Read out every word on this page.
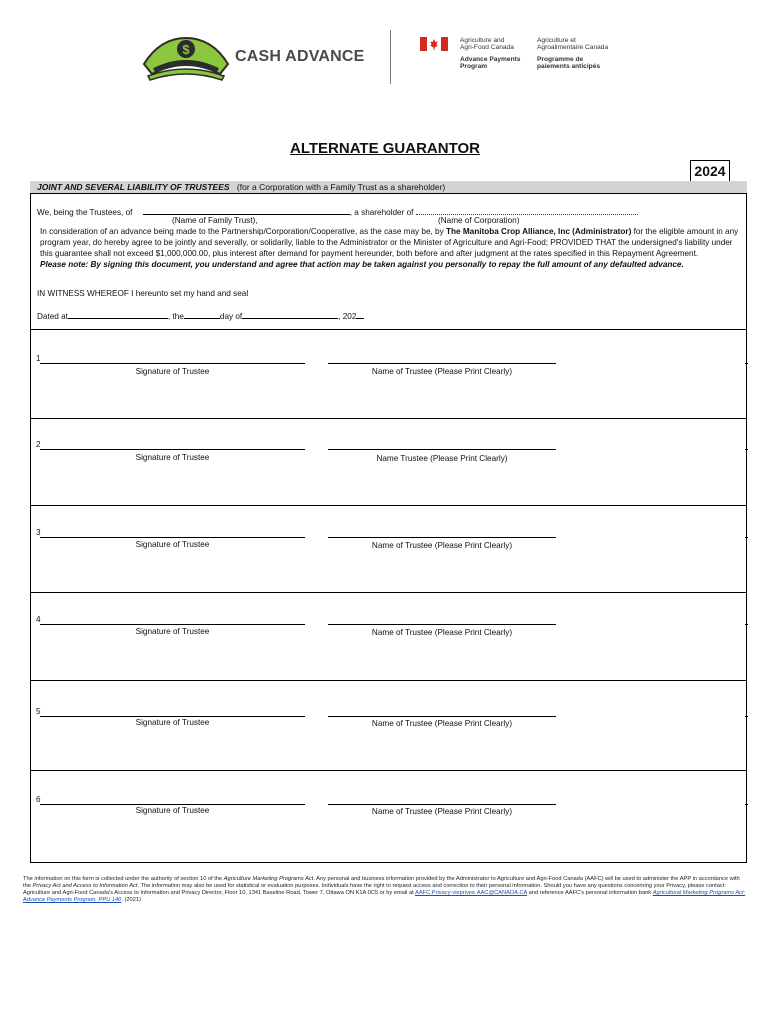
$	CASH ADVANCE
Agriculture and
Agri-Food Canada
Advance Payments
Program
Agriculture et
Agroalimentaire Canada
Programme de
paiements anticipés
ALTERNATE GUARANTOR
2024
JOINT AND SEVERAL LIABILITY OF TRUSTEES (for a Corporation with a Family Trust as a shareholder)
We, being the Trustees, of	, a shareholder of
(Name of Family Trust),	(Name of Corporation)
In consideration of an advance being made to the Partnership/Corporation/Cooperative, as the case may be, by The Manitoba Crop Alliance, Inc (Administrator) for the eligible amount in any program year, do hereby agree to be jointly and severally, or solidarily, liable to the Administrator or the Minister of Agriculture and Agri-Food; PROVIDED THAT the undersigned's liability under this guarantee shall not exceed $1,000,000.00, plus interest after demand for payment hereunder, both before and after judgment at the rates specified in this Repayment Agreement.
Please note: By signing this document, you understand and agree that action may be taken against you personally to repay the full amount of any defaulted advance.
IN WITNESS WHEREOF I hereunto set my hand and seal
Dated at	, the	day of	, 202
1
Signature of Trustee	Name of Trustee (Please Print Clearly)
2
Signature of Trustee	Name Trustee (Please Print Clearly)
3
Signature of Trustee	Name of Trustee (Please Print Clearly)
4
Signature of Trustee	Name of Trustee (Please Print Clearly)
5
Signature of Trustee	Name of Trustee (Please Print Clearly)
6
Signature of Trustee	Name of Trustee (Please Print Clearly)
The information on this form is collected under the authority of section 10 of the Agriculture Marketing Programs Act. Any personal and business information provided by the Administrator to Agriculture and Agri-Food Canada (AAFC) will be used to administer the APP in accordance with the Privacy Act and Access to Information Act. The information may also be used for statistical or evaluation purposes. Individuals have the right to request access and correction to their personal information. Should you have any questions concerning your Privacy, please contact: Agriculture and Agri-Food Canada's Access to Information and Privacy Director, Floor 10, 1341 Baseline Road, Tower 7, Ottawa ON K1A 0C5 or by email at AAFC.Privacy-vieprivee.AAC@CANADA.CA and reference AAFC's personal information bank Agricultural Marketing Programs Act: Advance Payments Program, PPU 140. (2021)
